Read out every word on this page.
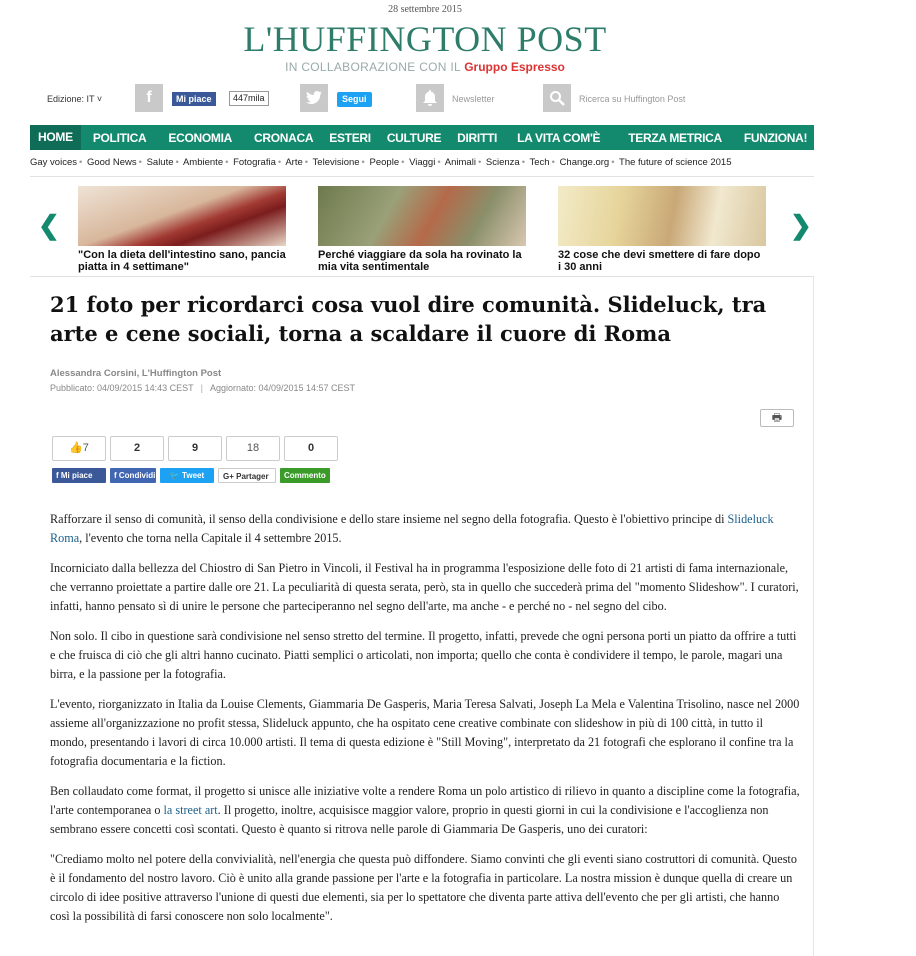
28 settembre 2015
L'HUFFINGTON POST
IN COLLABORAZIONE CON IL Gruppo Espresso
Edizione: IT ˅	f	Mi piace	447mila	Segui	Newsletter	Ricerca su Huffington Post
HOME	POLITICA	ECONOMIA	CRONACA	ESTERI	CULTURE	DIRITTI	LA VITA COM'È	TERZA METRICA	FUNZIONA!	STILE	VIDEO
Gay voices • Good News • Salute • Ambiente • Fotografia • Arte • Televisione • People • Viaggi • Animali • Scienza • Tech • Change.org • The future of science 2015
❮
"Con la dieta dell'intestino sano, pancia piatta in 4 settimane"
Perché viaggiare da sola ha rovinato la mia vita sentimentale
32 cose che devi smettere di fare dopo i 30 anni
❯
21 foto per ricordarci cosa vuol dire comunità. Slideluck, tra arte e cene sociali, torna a scaldare il cuore di Roma
Alessandra Corsini, L'Huffington Post
Pubblicato: 04/09/2015 14:43 CEST | Aggiornato: 04/09/2015 14:57 CEST
🖶
👍7	2	9	18	0
f Mi piace	f Condividi	🐦 Tweet	G+ Partager	Commento

Rafforzare il senso di comunità, il senso della condivisione e dello stare insieme nel segno della fotografia. Questo è l'obiettivo principe di Slideluck Roma, l'evento che torna nella Capitale il 4 settembre 2015.

Incorniciato dalla bellezza del Chiostro di San Pietro in Vincoli, il Festival ha in programma l'esposizione delle foto di 21 artisti di fama internazionale, che verranno proiettate a partire dalle ore 21. La peculiarità di questa serata, però, sta in quello che succederà prima del "momento Slideshow". I curatori, infatti, hanno pensato sì di unire le persone che parteciperanno nel segno dell'arte, ma anche - e perché no - nel segno del cibo.

Non solo. Il cibo in questione sarà condivisione nel senso stretto del termine. Il progetto, infatti, prevede che ogni persona porti un piatto da offrire a tutti e che fruisca di ciò che gli altri hanno cucinato. Piatti semplici o articolati, non importa; quello che conta è condividere il tempo, le parole, magari una birra, e la passione per la fotografia.

L'evento, riorganizzato in Italia da Louise Clements, Giammaria De Gasperis, Maria Teresa Salvati, Joseph La Mela e Valentina Trisolino, nasce nel 2000 assieme all'organizzazione no profit stessa, Slideluck appunto, che ha ospitato cene creative combinate con slideshow in più di 100 città, in tutto il mondo, presentando i lavori di circa 10.000 artisti. Il tema di questa edizione è "Still Moving", interpretato da 21 fotografi che esplorano il confine tra la fotografia documentaria e la fiction.

Ben collaudato come format, il progetto si unisce alle iniziative volte a rendere Roma un polo artistico di rilievo in quanto a discipline come la fotografia, l'arte contemporanea o la street art. Il progetto, inoltre, acquisisce maggior valore, proprio in questi giorni in cui la condivisione e l'accoglienza non sembrano essere concetti così scontati. Questo è quanto si ritrova nelle parole di Giammaria De Gasperis, uno dei curatori:

"Crediamo molto nel potere della convivialità, nell'energia che questa può diffondere. Siamo convinti che gli eventi siano costruttori di comunità. Questo è il fondamento del nostro lavoro. Ciò è unito alla grande passione per l'arte e la fotografia in particolare. La nostra mission è dunque quella di creare un circolo di idee positive attraverso l'unione di questi due elementi, sia per lo spettatore che diventa parte attiva dell'evento che per gli artisti, che hanno così la possibilità di farsi conoscere non solo localmente".
